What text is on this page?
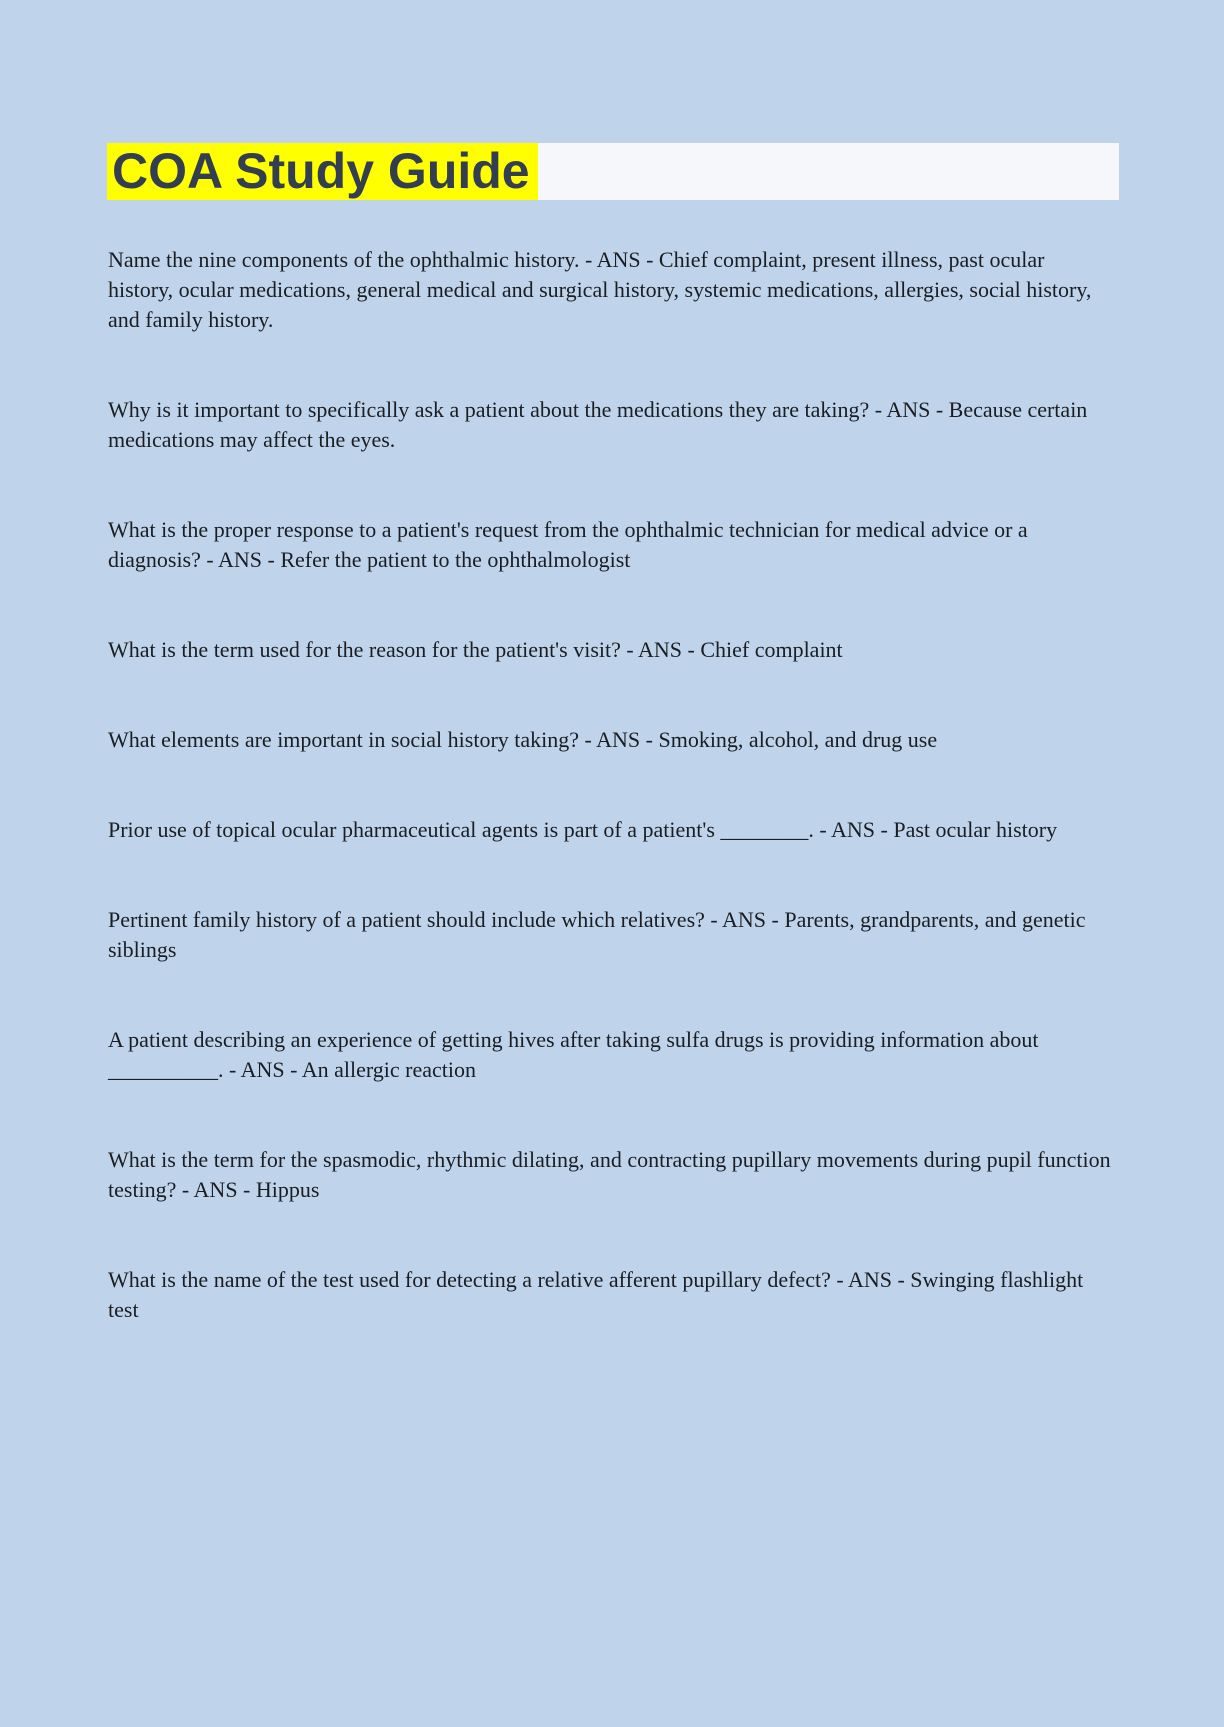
COA Study Guide

Name the nine components of the ophthalmic history. - ANS - Chief complaint, present illness, past ocular history, ocular medications, general medical and surgical history, systemic medications, allergies, social history, and family history.

Why is it important to specifically ask a patient about the medications they are taking? - ANS - Because certain medications may affect the eyes.

What is the proper response to a patient's request from the ophthalmic technician for medical advice or a diagnosis? - ANS - Refer the patient to the ophthalmologist

What is the term used for the reason for the patient's visit? - ANS - Chief complaint

What elements are important in social history taking? - ANS - Smoking, alcohol, and drug use

Prior use of topical ocular pharmaceutical agents is part of a patient's ________. - ANS - Past ocular history

Pertinent family history of a patient should include which relatives? - ANS - Parents, grandparents, and genetic siblings

A patient describing an experience of getting hives after taking sulfa drugs is providing information about __________. - ANS - An allergic reaction

What is the term for the spasmodic, rhythmic dilating, and contracting pupillary movements during pupil function testing? - ANS - Hippus

What is the name of the test used for detecting a relative afferent pupillary defect? - ANS - Swinging flashlight test
